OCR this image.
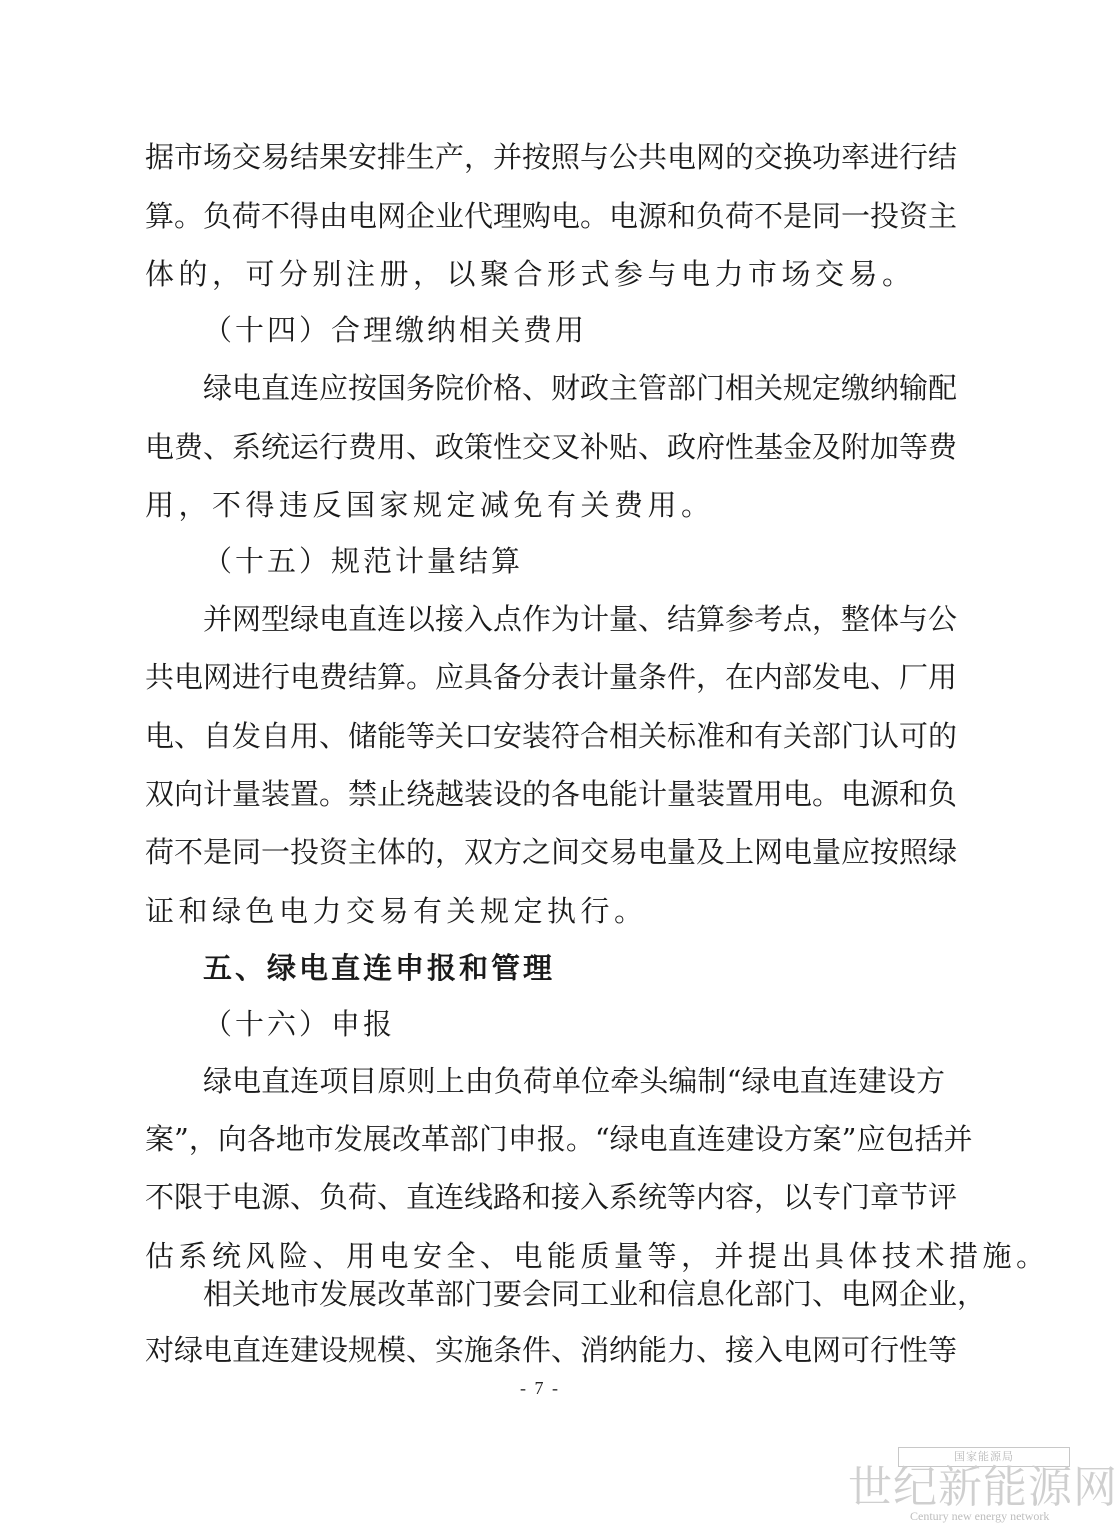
据市场交易结果安排生产，并按照与公共电网的交换功率进行结
算。负荷不得由电网企业代理购电。电源和负荷不是同一投资主
体的，可分别注册，以聚合形式参与电力市场交易。
（十四）合理缴纳相关费用
绿电直连应按国务院价格、财政主管部门相关规定缴纳输配
电费、系统运行费用、政策性交叉补贴、政府性基金及附加等费
用，不得违反国家规定减免有关费用。
（十五）规范计量结算
并网型绿电直连以接入点作为计量、结算参考点，整体与公
共电网进行电费结算。应具备分表计量条件，在内部发电、厂用
电、自发自用、储能等关口安装符合相关标准和有关部门认可的
双向计量装置。禁止绕越装设的各电能计量装置用电。电源和负
荷不是同一投资主体的，双方之间交易电量及上网电量应按照绿
证和绿色电力交易有关规定执行。
五、绿电直连申报和管理
（十六）申报
绿电直连项目原则上由负荷单位牵头编制“绿电直连建设方
案”，向各地市发展改革部门申报。“绿电直连建设方案”应包括并
不限于电源、负荷、直连线路和接入系统等内容，以专门章节评
估系统风险、用电安全、电能质量等，并提出具体技术措施。
相关地市发展改革部门要会同工业和信息化部门、电网企业，
对绿电直连建设规模、实施条件、消纳能力、接入电网可行性等
- 7 -
国家能源局
世纪新能源网
Century new energy network
